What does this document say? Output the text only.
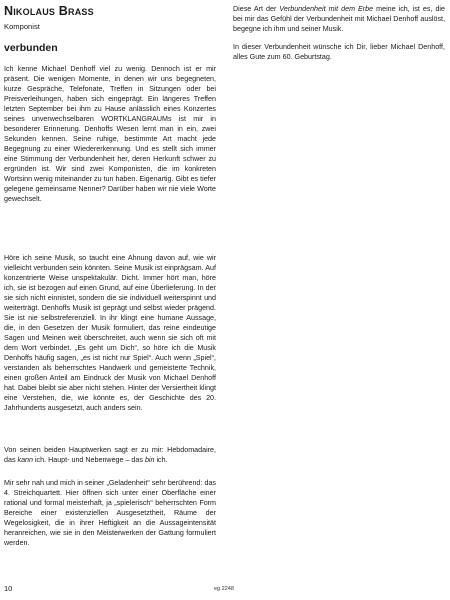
Nikolaus Brass
Komponist
verbunden

Ich kenne Michael Denhoff viel zu wenig. Dennoch ist er mir präsent. Die wenigen Momente, in denen wir uns begegneten, kurze Gespräche, Telefonate, Treffen in Sitzungen oder bei Preisverleihungen, haben sich eingeprägt. Ein längeres Treffen letzten September bei ihm zu Hause anlässlich eines Konzertes seines unverwechselbaren WORTKLANGRAUMs ist mir in besonderer Erinnerung. Denhoffs Wesen lernt man in ein, zwei Sekunden kennen. Seine ruhige, bestimmte Art macht jede Begegnung zu einer Wiedererkennung. Und es stellt sich immer eine Stimmung der Verbundenheit her, deren Herkunft schwer zu ergründen ist. Wir sind zwei Komponisten, die im konkreten Wortsinn wenig miteinander zu tun haben. Eigenartig. Gibt es tiefer gelegene gemeinsame Nenner? Darüber haben wir nie viele Worte gewechselt.

Höre ich seine Musik, so taucht eine Ahnung davon auf, wie wir vielleicht verbunden sein könnten. Seine Musik ist einprägsam. Auf konzentrierte Weise unspektakulär. Dicht. Immer hört man, höre ich, sie ist bezogen auf einen Grund, auf eine Überlieferung. In der sie sich nicht einnistet, sondern die sie individuell weiterspinnt und weiterträgt. Denhoffs Musik ist geprägt und selbst wieder prägend. Sie ist nie selbstreferenziell. In ihr klingt eine humane Aussage, die, in den Gesetzen der Musik formuliert, das reine eindeutige Sagen und Meinen weit überschreitet, auch wenn sie sich oft mit dem Wort verbindet. „Es geht um Dich“, so höre ich die Musik Denhoffs häufig sagen, „es ist nicht nur Spiel“. Auch wenn „Spiel“, verstanden als beherrschtes Handwerk und gemeisterte Technik, einen großen Anteil am Eindruck der Musik von Michael Denhoff hat. Dabei bleibt sie aber nicht stehen. Hinter der Versiertheit klingt eine Verstehen, die, wie könnte es, der Geschichte des 20. Jahrhunderts ausgesetzt, auch anders sein.

Von seinen beiden Hauptwerken sagt er zu mir: Hebdomadaire, das kann ich. Haupt- und Nebenwege – das bin ich.

Mir sehr nah und mich in seiner „Geladenheit“ sehr berührend: das 4. Streichquartett. Hier öffnen sich unter einer Oberfläche einer rational und formal meisterhaft, ja „spielerisch“ beherrschten Form Bereiche einer existenziellen Ausgesetztheit, Räume der Wegelosigkeit, die in ihrer Heftigkeit an die Aussageintensität heranreichen, wie sie in den Meisterwerken der Gattung formuliert werden.

Diese Art der Verbundenheit mit dem Erbe meine ich, ist es, die bei mir das Gefühl der Verbundenheit mit Michael Denhoff auslöst, begegne ich ihm und seiner Musik.

In dieser Verbundenheit wünsche ich Dir, lieber Michael Denhoff, alles Gute zum 60. Geburtstag.

10	eg 2248
